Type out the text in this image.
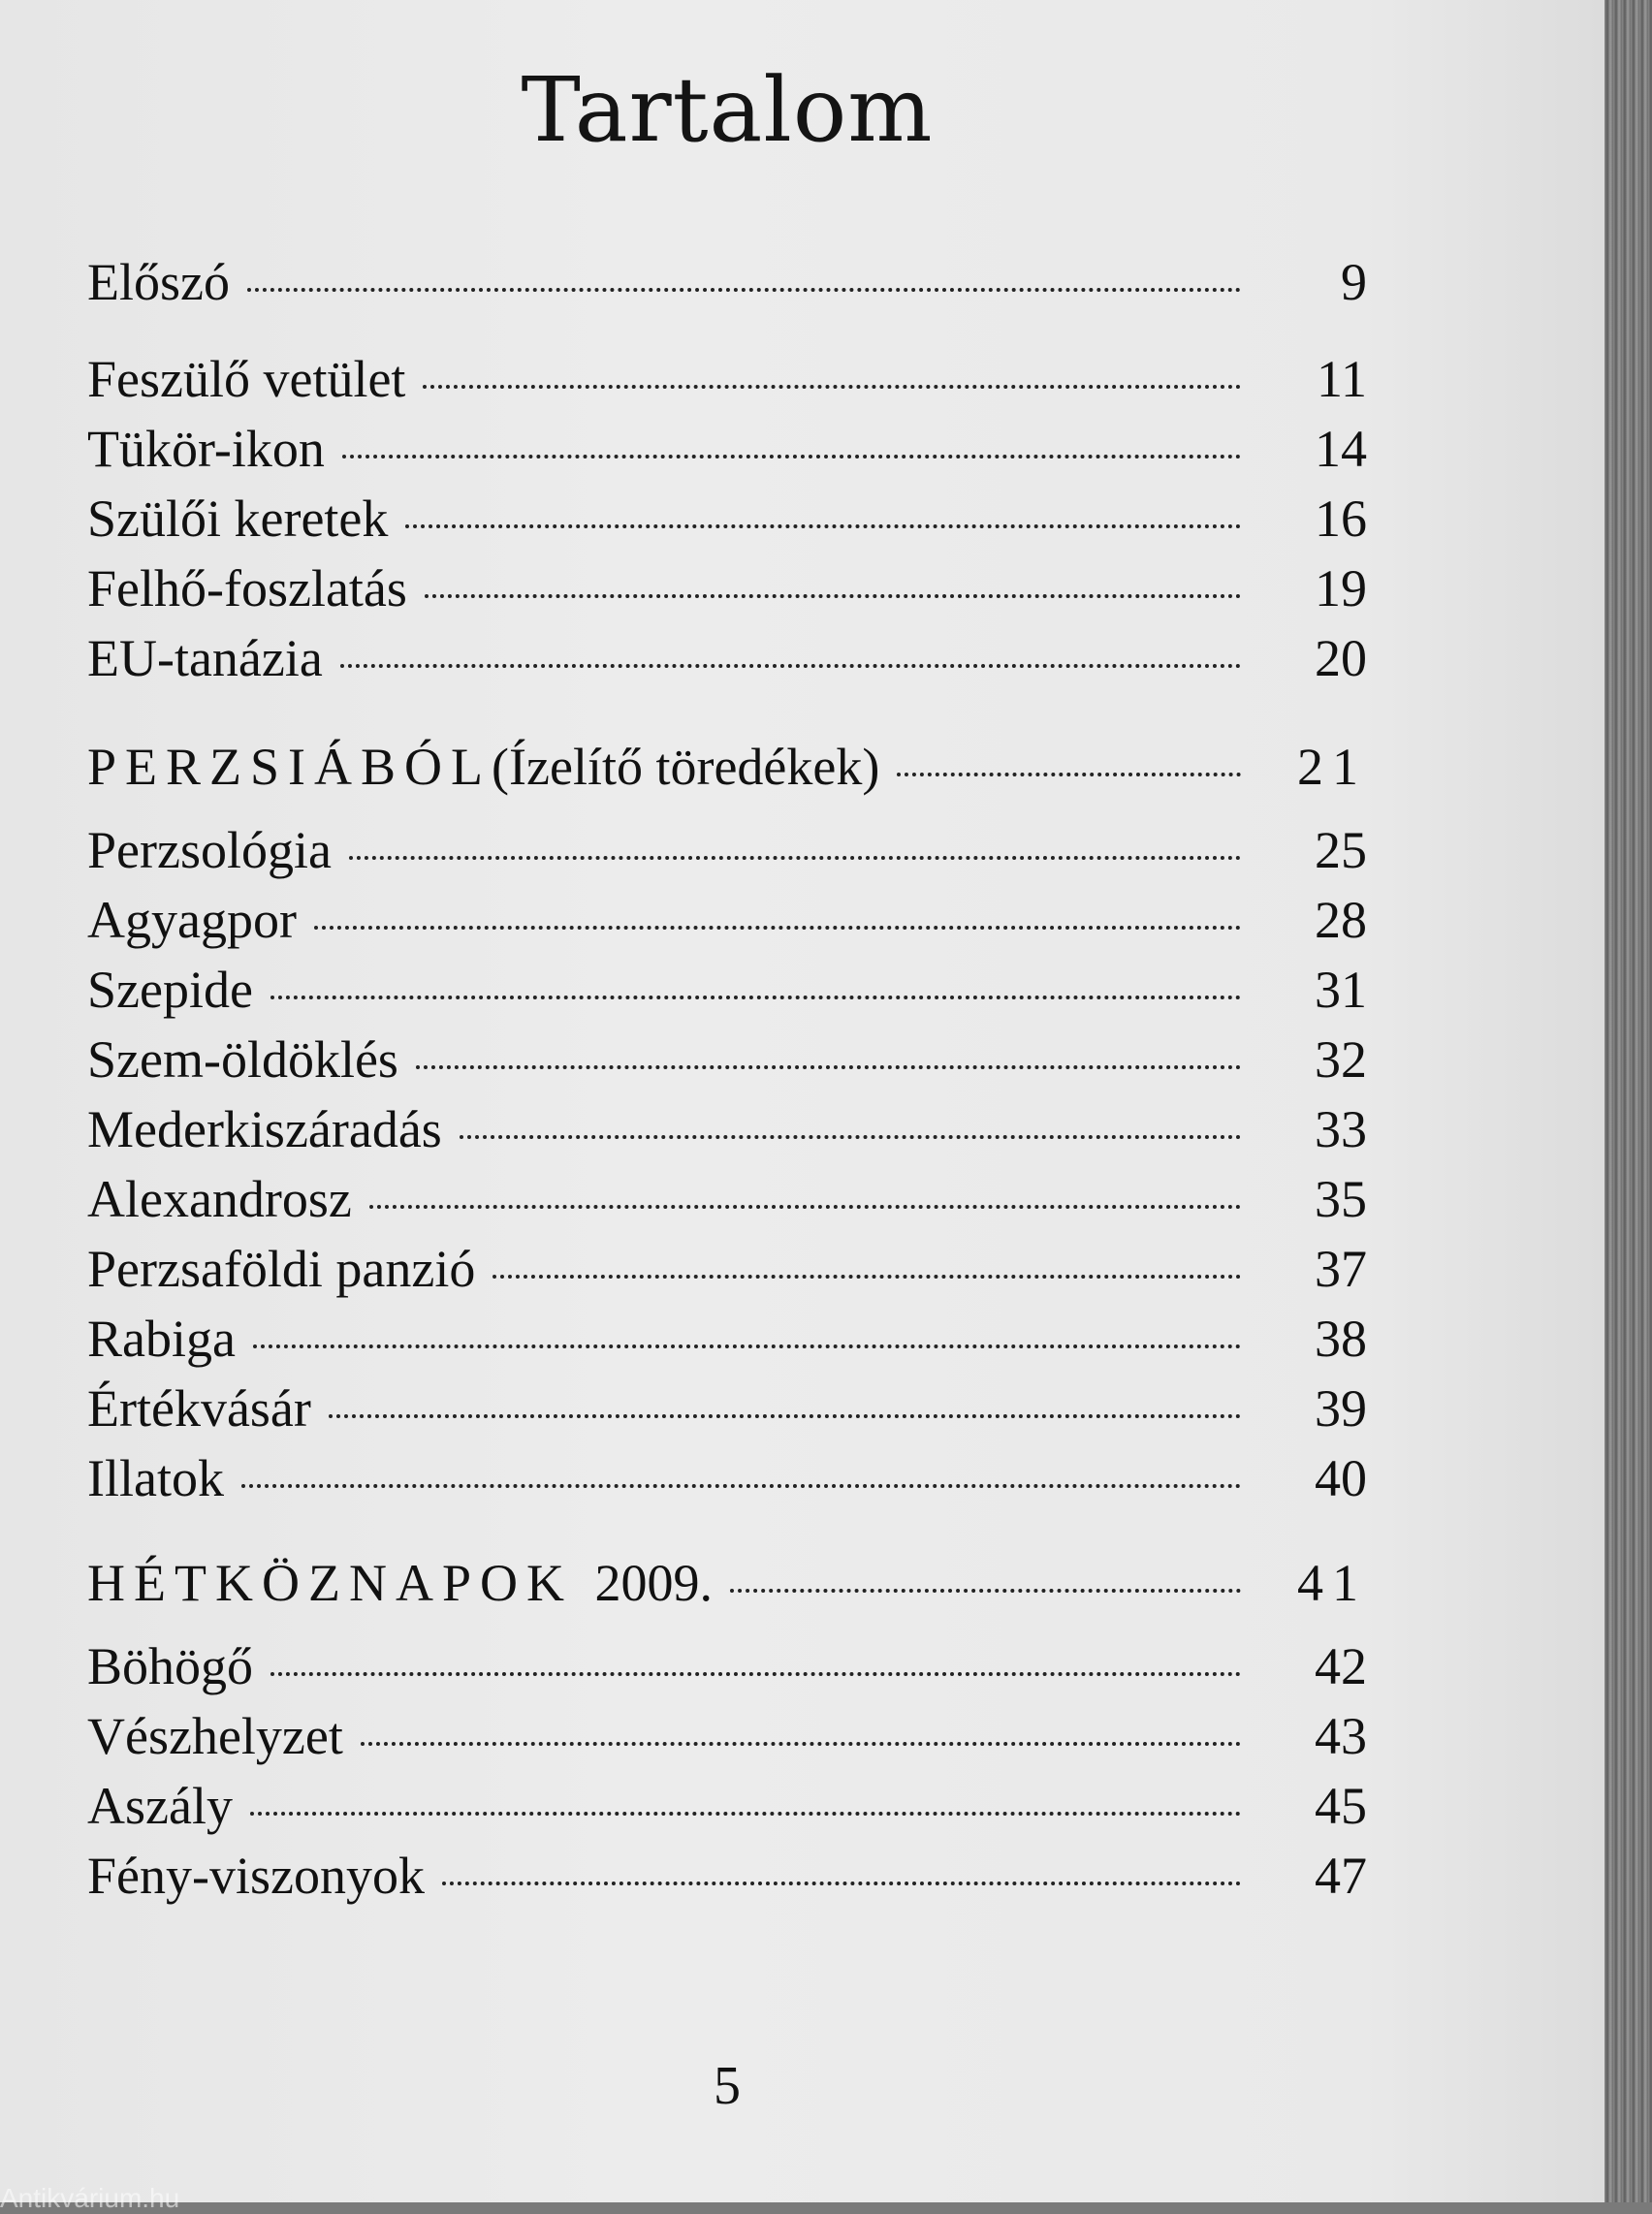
Tartalom
Előszó	9
Feszülő vetület	11
Tükör-ikon	14
Szülői keretek	16
Felhő-foszlatás	19
EU-tanázia	20
PERZSIÁBÓL(Ízelítő töredékek)	21
Perzsológia	25
Agyagpor	28
Szepide	31
Szem-öldöklés	32
Mederkiszáradás	33
Alexandrosz	35
Perzsaföldi panzió	37
Rabiga	38
Értékvásár	39
Illatok	40
HÉTKÖZNAPOK 2009.	41
Böhögő	42
Vészhelyzet	43
Aszály	45
Fény-viszonyok	47
5
Antikvárium.hu
